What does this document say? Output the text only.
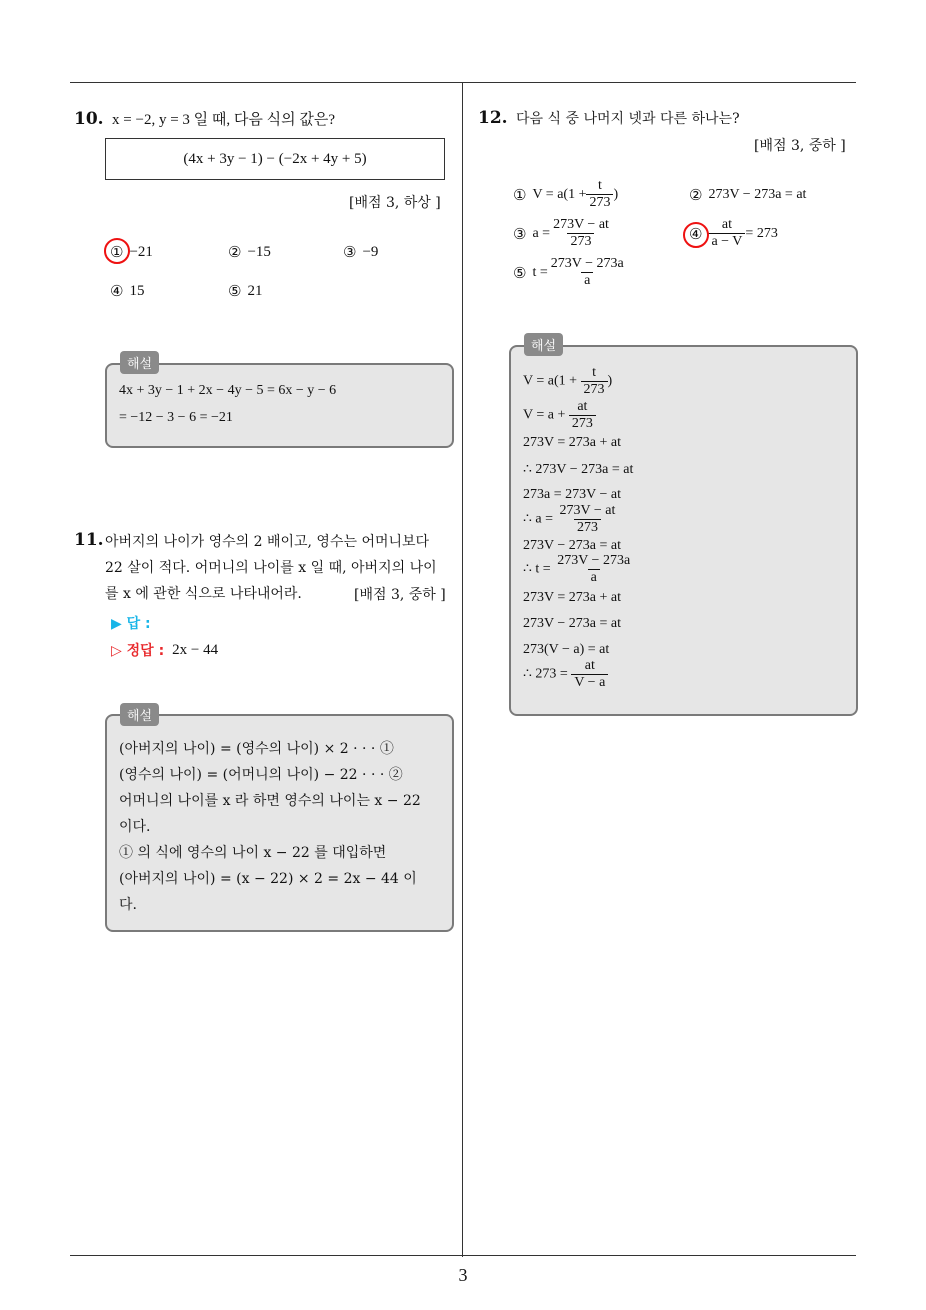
3
10. x = −2, y = 3 일 때, 다음 식의 값은?
(4x + 3y − 1) − (−2x + 4y + 5)
[배점 3, 하상 ]
① −21	② −15	③ −9
④ 15	⑤ 21
4x + 3y − 1 + 2x − 4y − 5 = 6x − y − 6
= −12 − 3 − 6 = −21
해설
11. 아버지의 나이가 영수의 2 배이고, 영수는 어머니보다
22 살이 적다. 어머니의 나이를 x 일 때, 아버지의 나이
를 x 에 관한 식으로 나타내어라.	[배점 3, 중하 ]
▶ 답 :
▷ 정답 : 2x − 44
(아버지의 나이) = (영수의 나이) × 2 · · · ①
(영수의 나이) = (어머니의 나이) − 22 · · · ②
어머니의 나이를 x 라 하면 영수의 나이는 x − 22
이다.
① 의 식에 영수의 나이 x − 22 를 대입하면
(아버지의 나이) = (x − 22) × 2 = 2x − 44 이
다.
해설
12. 다음 식 중 나머지 넷과 다른 하나는?
[배점 3, 중하 ]
① $V = a(1 + \frac{t}{273}$ )	② 273V − 273a = at
③ $a = \frac{273V - at}{273}$	④ $\frac{at}{a - V} = 273$
⑤ $t = \frac{273V - 273a}{a}$
$V = a(1 + \frac{t}{273}$ )
$V = a + \frac{at}{273}$
273V = 273a + at
∴ 273V − 273a = at
273a = 273V − at
∴ $a = \frac{273V - at}{273}$
273V − 273a = at
∴ $t = \frac{273V - 273a}{a}$
273V = 273a + at
273V − 273a = at
273(V − a) = at
∴ $273 = \frac{at}{V - a}$
해설
